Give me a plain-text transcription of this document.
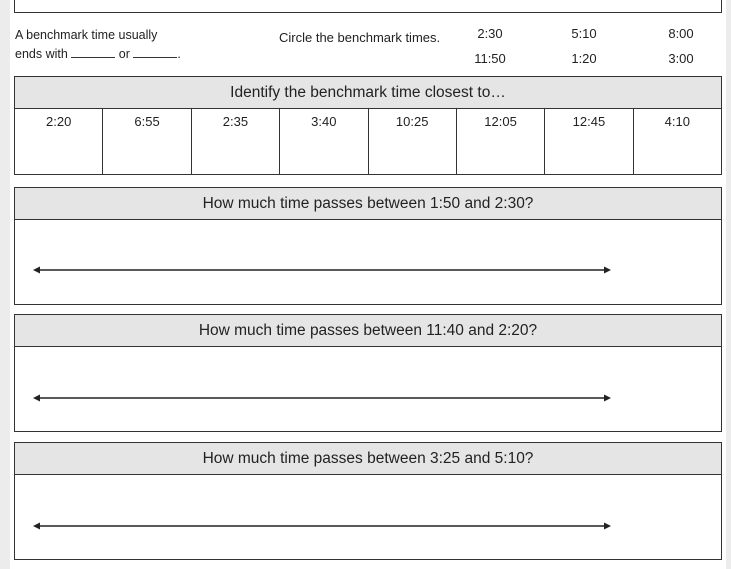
A benchmark time usually
ends with	or	.
Circle the benchmark times.	2:30	5:10	8:00
11:50	1:20	3:00
Identify the benchmark time closest to…
2:20	6:55	2:35	3:40	10:25	12:05	12:45	4:10
How much time passes between 1:50 and 2:30?
How much time passes between 11:40 and 2:20?
How much time passes between 3:25 and 5:10?
